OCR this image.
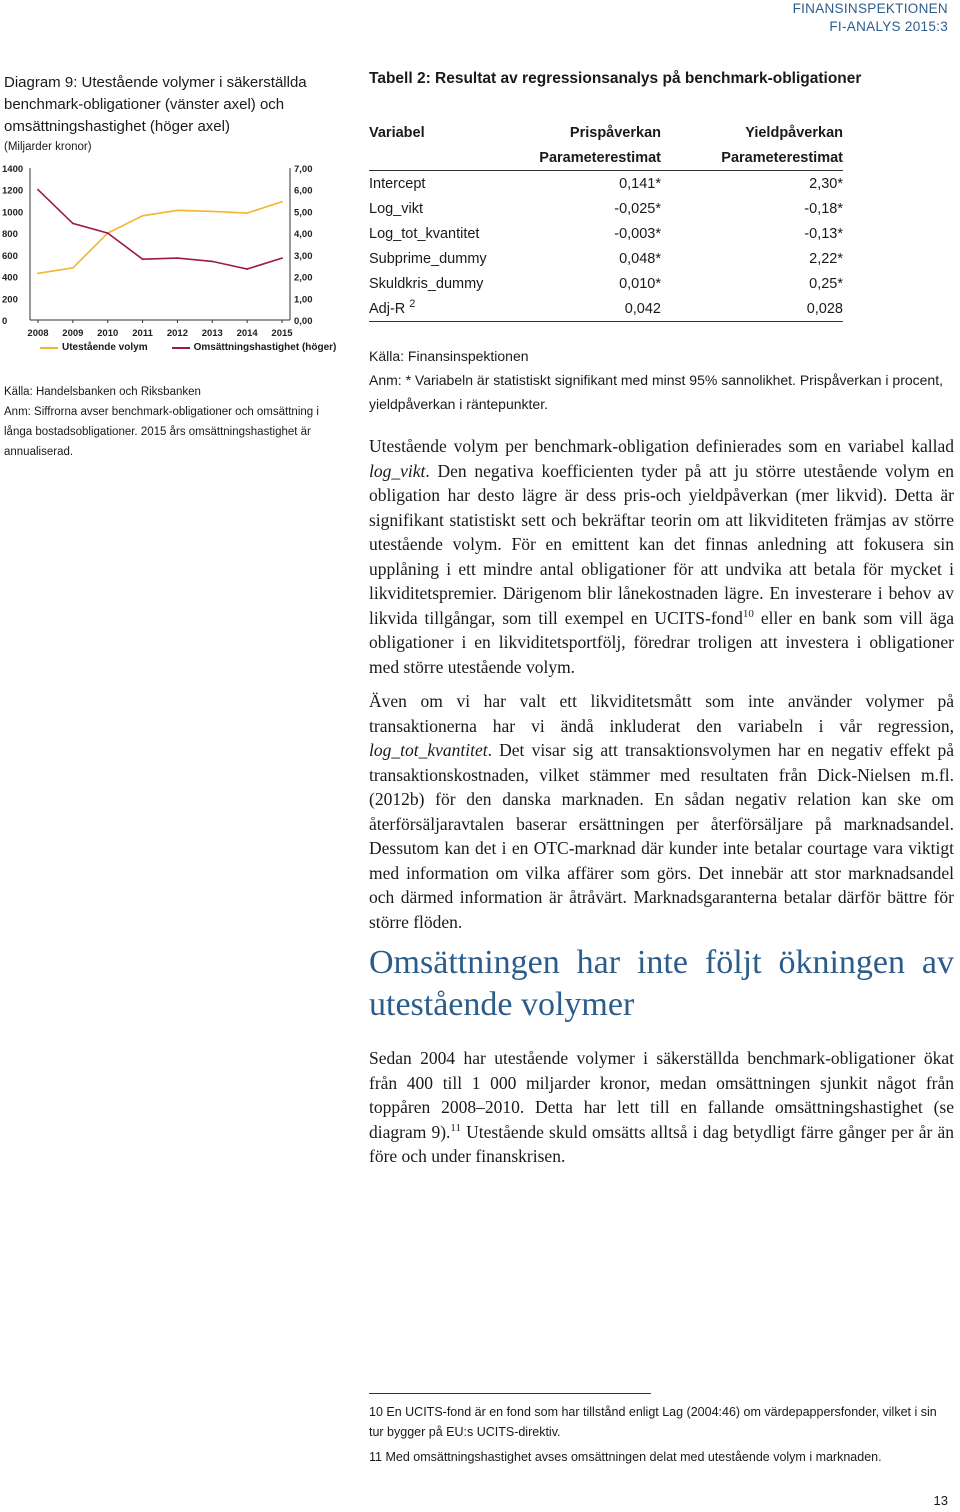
FINANSINSPEKTIONEN
FI-ANALYS 2015:3
Diagram 9: Utestående volymer i säkerställda benchmark-obligationer (vänster axel) och omsättningshastighet (höger axel)
(Miljarder kronor)
0
200
400
600
800
1000
1200
1400
0,00
1,00
2,00
3,00
4,00
5,00
6,00
7,00
2008 2009 2010 2011 2012 2013 2014 2015
Utestående volym	Omsättningshastighet (höger)
Källa: Handelsbanken och Riksbanken
Anm: Siffrorna avser benchmark-obligationer och omsättning i långa bostadsobligationer. 2015 års omsättningshastighet är annualiserad.
Tabell 2: Resultat av regressionsanalys på benchmark-obligationer
Variabel	Prispåverkan	Yieldpåverkan
	Parameterestimat	Parameterestimat
Intercept	0,141*	2,30*
Log_vikt	-0,025*	-0,18*
Log_tot_kvantitet	-0,003*	-0,13*
Subprime_dummy	0,048*	2,22*
Skuldkris_dummy	0,010*	0,25*
Adj-R $^2$	0,042	0,028
Källa: Finansinspektionen
Anm: * Variabeln är statistiskt signifikant med minst 95% sannolikhet. Prispåverkan i procent, yieldpåverkan i räntepunkter.

Utestående volym per benchmark-obligation definierades som en variabel kallad log_vikt. Den negativa koefficienten tyder på att ju större utestående volym en obligation har desto lägre är dess pris-och yieldpåverkan (mer likvid). Detta är signifikant statistiskt sett och bekräftar teorin om att likviditeten främjas av större utestående volym. För en emittent kan det finnas anledning att fokusera sin upplåning i ett mindre antal obligationer för att undvika att betala för mycket i likviditetspremier. Därigenom blir lånekostnaden lägre. En investerare i behov av likvida tillgångar, som till exempel en UCITS-fond$^{10}$ eller en bank som vill äga obligationer i en likviditetsportfölj, föredrar troligen att investera i obligationer med större utestående volym.

Även om vi har valt ett likviditetsmått som inte använder volymer på transaktionerna har vi ändå inkluderat den variabeln i vår regression, log_tot_kvantitet. Det visar sig att transaktionsvolymen har en negativ effekt på transaktionskostnaden, vilket stämmer med resultaten från Dick-Nielsen m.fl. (2012b) för den danska marknaden. En sådan negativ relation kan ske om återförsäljaravtalen baserar ersättningen per återförsäljare på marknadsandel. Dessutom kan det i en OTC-marknad där kunder inte betalar courtage vara viktigt med information om vilka affärer som görs. Det innebär att stor marknadsandel och därmed information är åtråvärt. Marknadsgaranterna betalar därför bättre för större flöden.

Omsättningen har inte följt ökningen av utestående volymer

Sedan 2004 har utestående volymer i säkerställda benchmark-obligationer ökat från 400 till 1 000 miljarder kronor, medan omsättningen sjunkit något från toppåren 2008–2010. Detta har lett till en fallande omsättningshastighet (se diagram 9).$^{11}$ Utestående skuld omsätts alltså i dag betydligt färre gånger per år än före och under finanskrisen.

10 En UCITS-fond är en fond som har tillstånd enligt Lag (2004:46) om värdepappersfonder, vilket i sin tur bygger på EU:s UCITS-direktiv.
11 Med omsättningshastighet avses omsättningen delat med utestående volym i marknaden.
13
